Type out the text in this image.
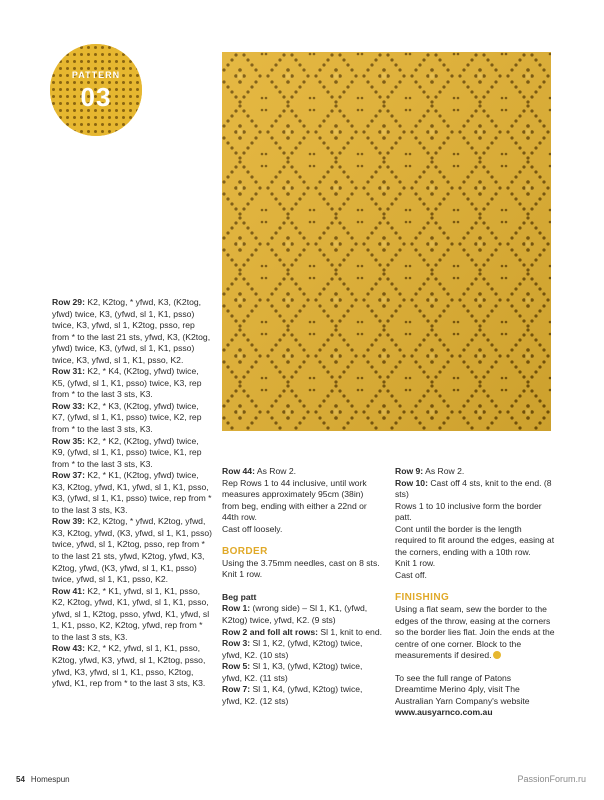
PATTERN
03

Row 29: K2, K2tog, * yfwd, K3, (K2tog, yfwd) twice, K3, (yfwd, sl 1, K1, psso) twice, K3, yfwd, sl 1, K2tog, psso, rep from * to the last 21 sts, yfwd, K3, (K2tog, yfwd) twice, K3, (yfwd, sl 1, K1, psso) twice, K3, yfwd, sl 1, K1, psso, K2.

Row 31: K2, * K4, (K2tog, yfwd) twice, K5, (yfwd, sl 1, K1, psso) twice, K3, rep from * to the last 3 sts, K3.

Row 33: K2, * K3, (K2tog, yfwd) twice, K7, (yfwd, sl 1, K1, psso) twice, K2, rep from * to the last 3 sts, K3.

Row 35: K2, * K2, (K2tog, yfwd) twice, K9, (yfwd, sl 1, K1, psso) twice, K1, rep from * to the last 3 sts, K3.

Row 37: K2, * K1, (K2tog, yfwd) twice, K3, K2tog, yfwd, K1, yfwd, sl 1, K1, psso, K3, (yfwd, sl 1, K1, psso) twice, rep from * to the last 3 sts, K3.

Row 39: K2, K2tog, * yfwd, K2tog, yfwd, K3, K2tog, yfwd, (K3, yfwd, sl 1, K1, psso) twice, yfwd, sl 1, K2tog, psso, rep from * to the last 21 sts, yfwd, K2tog, yfwd, K3, K2tog, yfwd, (K3, yfwd, sl 1, K1, psso) twice, yfwd, sl 1, K1, psso, K2.

Row 41: K2, * K1, yfwd, sl 1, K1, psso, K2, K2tog, yfwd, K1, yfwd, sl 1, K1, psso, yfwd, sl 1, K2tog, psso, yfwd, K1, yfwd, sl 1, K1, psso, K2, K2tog, yfwd, rep from * to the last 3 sts, K3.

Row 43: K2, * K2, yfwd, sl 1, K1, psso, K2tog, yfwd, K3, yfwd, sl 1, K2tog, psso, yfwd, K3, yfwd, sl 1, K1, psso, K2tog, yfwd, K1, rep from * to the last 3 sts, K3.

Row 44: As Row 2.

Rep Rows 1 to 44 inclusive, until work measures approximately 95cm (38in) from beg, ending with either a 22nd or 44th row.

Cast off loosely.

BORDER

Using the 3.75mm needles, cast on 8 sts.

Knit 1 row.

Beg patt

Row 1: (wrong side) – Sl 1, K1, (yfwd, K2tog) twice, yfwd, K2. (9 sts)

Row 2 and foll alt rows: Sl 1, knit to end.

Row 3: Sl 1, K2, (yfwd, K2tog) twice, yfwd, K2. (10 sts)

Row 5: Sl 1, K3, (yfwd, K2tog) twice, yfwd, K2. (11 sts)

Row 7: Sl 1, K4, (yfwd, K2tog) twice, yfwd, K2. (12 sts)

Row 9: As Row 2.

Row 10: Cast off 4 sts, knit to the end. (8 sts)

Rows 1 to 10 inclusive form the border patt.

Cont until the border is the length required to fit around the edges, easing at the corners, ending with a 10th row.

Knit 1 row.

Cast off.

FINISHING

Using a flat seam, sew the border to the edges of the throw, easing at the corners so the border lies flat. Join the ends at the centre of one corner. Block to the measurements if desired.

To see the full range of Patons Dreamtime Merino 4ply, visit The Australian Yarn Company's website

www.ausyarnco.com.au

54 Homespun	PassionForum.ru
